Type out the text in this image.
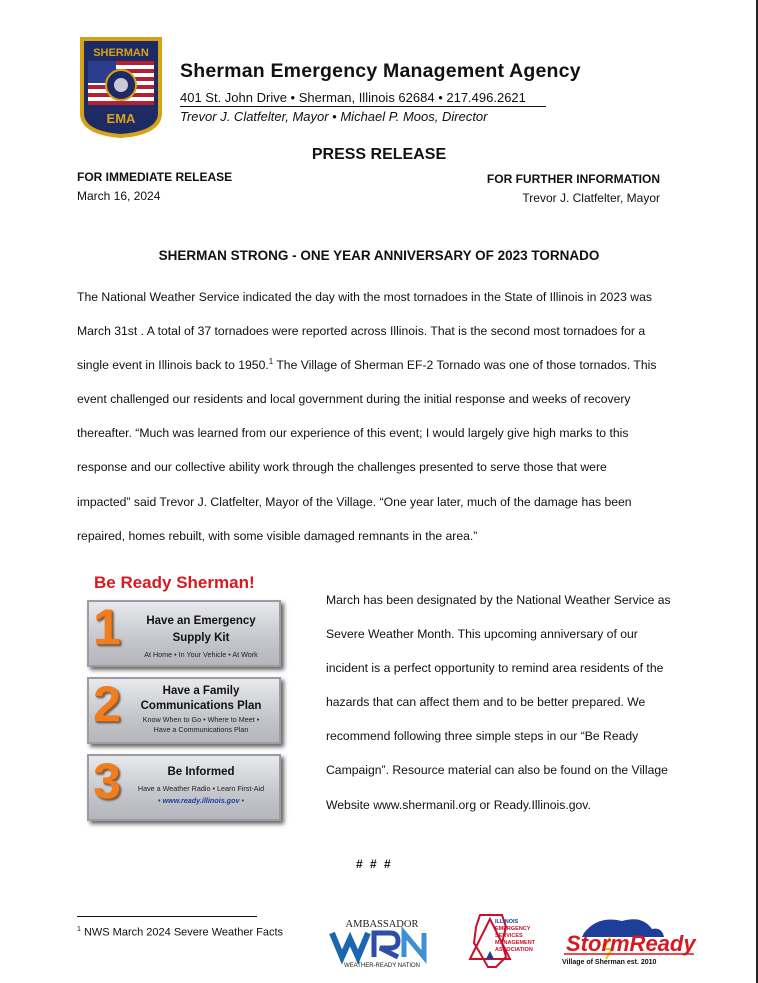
SHERMAN
EMA
Sherman Emergency Management Agency
401 St. John Drive • Sherman, Illinois 62684 • 217.496.2621
Trevor J. Clatfelter, Mayor • Michael P. Moos, Director
PRESS RELEASE
FOR IMMEDIATE RELEASE
March 16, 2024
FOR FURTHER INFORMATION
Trevor J. Clatfelter, Mayor
SHERMAN STRONG - ONE YEAR ANNIVERSARY OF 2023 TORNADO

The National Weather Service indicated the day with the most tornadoes in the State of Illinois in 2023 was March 31st . A total of 37 tornadoes were reported across Illinois. That is the second most tornadoes for a single event in Illinois back to 1950.$^1$ The Village of Sherman EF-2 Tornado was one of those tornados. This event challenged our residents and local government during the initial response and weeks of recovery thereafter. “Much was learned from our experience of this event; I would largely give high marks to this response and our collective ability work through the challenges presented to serve those that were impacted” said Trevor J. Clatfelter, Mayor of the Village. “One year later, much of the damage has been repaired, homes rebuilt, with some visible damaged remnants in the area.”

Be Ready Sherman!
1	Have an Emergency
Supply Kit
At Home • In Your Vehicle • At Work
2	Have a Family
Communications Plan
Know When to Go • Where to Meet •
Have a Communications Plan
3	Be Informed
Have a Weather Radio • Learn First-Aid
• www.ready.illinois.gov •

March has been designated by the National Weather Service as Severe Weather Month. This upcoming anniversary of our incident is a perfect opportunity to remind area residents of the hazards that can affect them and to be better prepared. We recommend following three simple steps in our “Be Ready Campaign”. Resource material can also be found on the Village Website www.shermanil.org or Ready.Illinois.gov.

# # #
$^1$ NWS March 2024 Severe Weather Facts
AMBASSADOR
WEATHER-READY NATION
ILLINOIS
EMERGENCY
SERVICES
MANAGEMENT
ASSOCIATION StormReady
Village of Sherman est. 2010
